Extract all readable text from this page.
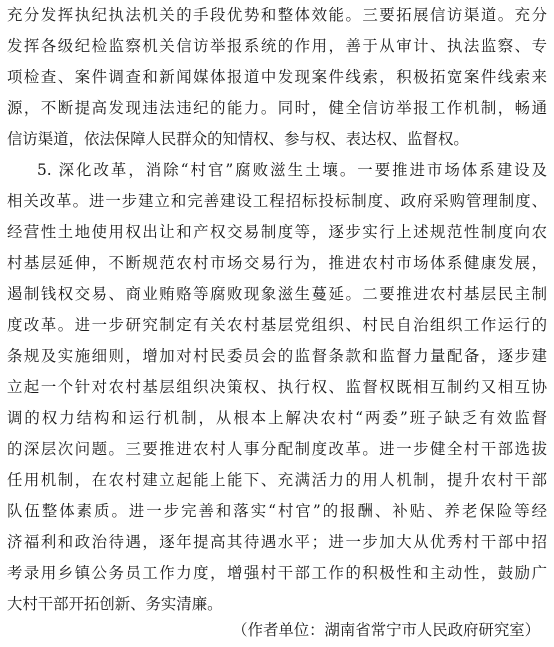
充分发挥执纪执法机关的手段优势和整体效能。三要拓展信访渠道。充分
发挥各级纪检监察机关信访举报系统的作用，善于从审计、执法监察、专
项检查、案件调查和新闻媒体报道中发现案件线索，积极拓宽案件线索来
源，不断提高发现违法违纪的能力。同时，健全信访举报工作机制，畅通
信访渠道，依法保障人民群众的知情权、参与权、表达权、监督权。
5. 深化改革，消除“村官”腐败滋生土壤。一要推进市场体系建设及
相关改革。进一步建立和完善建设工程招标投标制度、政府采购管理制度、
经营性土地使用权出让和产权交易制度等，逐步实行上述规范性制度向农
村基层延伸，不断规范农村市场交易行为，推进农村市场体系健康发展，
遏制钱权交易、商业贿赂等腐败现象滋生蔓延。二要推进农村基层民主制
度改革。进一步研究制定有关农村基层党组织、村民自治组织工作运行的
条规及实施细则，增加对村民委员会的监督条款和监督力量配备，逐步建
立起一个针对农村基层组织决策权、执行权、监督权既相互制约又相互协
调的权力结构和运行机制，从根本上解决农村“两委”班子缺乏有效监督
的深层次问题。三要推进农村人事分配制度改革。进一步健全村干部选拔
任用机制，在农村建立起能上能下、充满活力的用人机制，提升农村干部
队伍整体素质。进一步完善和落实“村官”的报酬、补贴、养老保险等经
济福利和政治待遇，逐年提高其待遇水平；进一步加大从优秀村干部中招
考录用乡镇公务员工作力度，增强村干部工作的积极性和主动性，鼓励广
大村干部开拓创新、务实清廉。
（作者单位：湖南省常宁市人民政府研究室）
